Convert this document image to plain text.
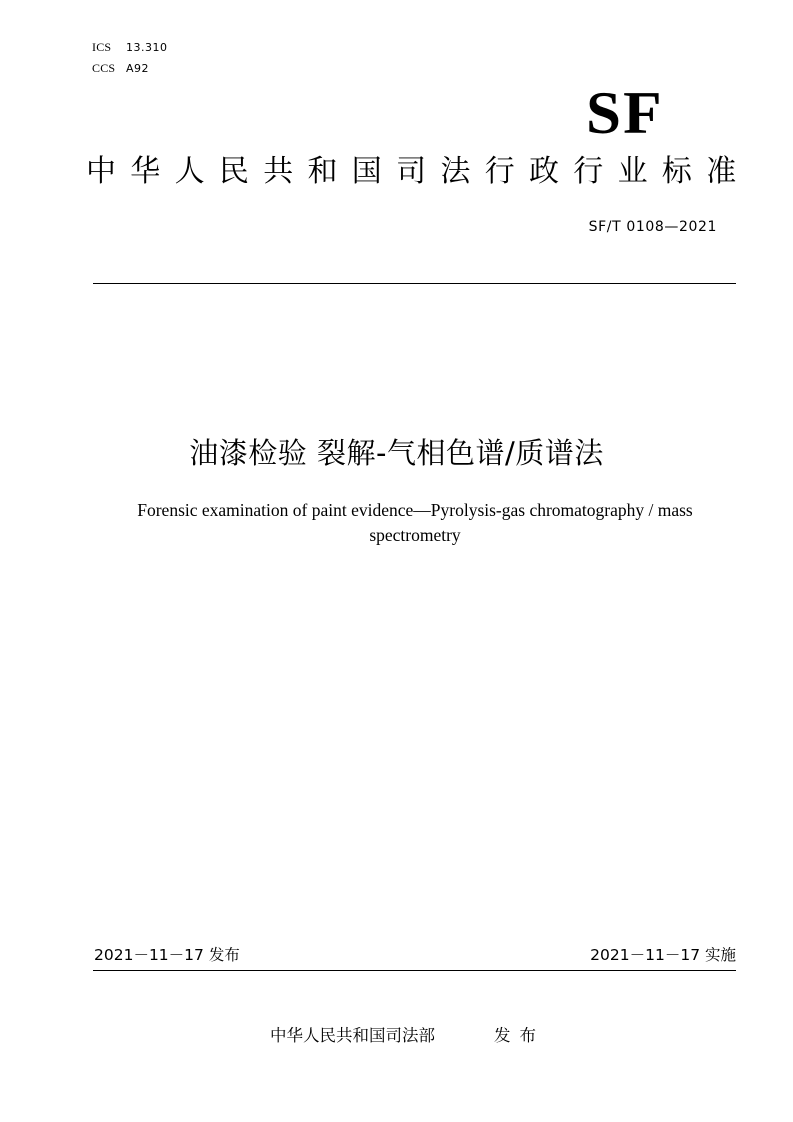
ICS 13.310
CCS A92
SF
中华人民共和国司法行政行业标准
SF/T 0108—2021
油漆检验 裂解-气相色谱/质谱法
Forensic examination of paint evidence—Pyrolysis-gas chromatography / mass spectrometry
2021－11－17 发布	2021－11－17 实施
中华人民共和国司法部	发布
